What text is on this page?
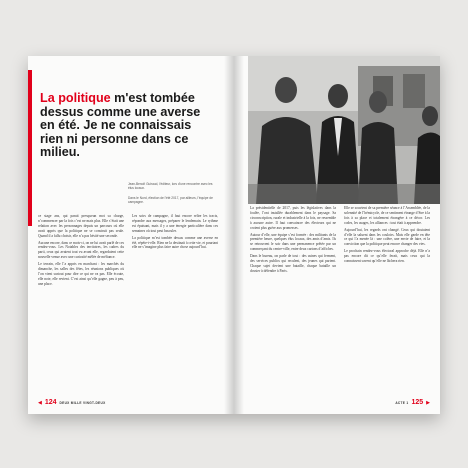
La politique m'est tombée dessus comme une averse en été. Je ne connaissais rien ni personne dans ce milieu.
Jean-Benoît Guiraud, l'éditeur, lors d'une rencontre avec les élus locaux.
Dans le Nord, élection de l'été 2017, par ailleurs, l'équipe de campagne.

ce stage ans, qui parait presqueun mot sa charge, n’commencer par la fois c’est ne mais plus. Elle s’était une relation avec les personnages depuis un parcours où elle avait appris que la politique ne se construit pas seule. Quand il a fallu choisir, elle n’a pas hésité une seconde.

Aucune encore, dans ce mois-ci, on ne lui avait parlé de ces rendez-vous. Les Notables des territoires, les cadres du parti, ceux qui avaient tout vu avant elle, regardaient cette nouvelle venue avec une curiosité mêlée de méfiance.

Le terrain, elle l’a appris en marchant : les marchés du dimanche, les salles des fêtes, les réunions publiques où l’on vient surtout pour dire ce qui ne va pas. Elle écoute, elle note, elle revient. C’est ainsi qu’elle gagne, peu à peu, une place.

Les soirs de campagne, il faut encore relire les tracts, répondre aux messages, préparer le lendemain. Le rythme est épuisant, mais il y a une énergie particulière dans ces semaines où tout peut basculer.

La politique m’est tombée dessus comme une averse en été, répète-t-elle. Rien ne la destinait à cette vie, et pourtant elle ne s’imagine plus faire autre chose aujourd’hui.

◀ 124 DEUX MILLE VINGT-DEUX

La présidentielle de 2017, puis les législatives dans la foulée, l’ont installée durablement dans le paysage. Sa circonscription, rurale et industrielle à la fois, ne ressemble à aucune autre. Il faut convaincre des électeurs qui ne croient plus guère aux promesses.

Autour d’elle, une équipe s’est formée : des militants de la première heure, quelques élus locaux, des amis d’amis. Ils se retrouvent le soir dans une permanence prêtée par un commerçant du centre-ville, entre deux cartons d’affiches.

Dans le bureau, on parle de tout : des usines qui ferment, des services publics qui reculent, des jeunes qui partent. Chaque sujet devient une bataille, chaque bataille un dossier à défendre à Paris.

Elle se souvient de sa première séance à l’Assemblée, de la solennité de l’hémicycle, de ce sentiment étrange d’être à la fois à sa place et totalement étrangère à ce décor. Les codes, les usages, les alliances : tout était à apprendre.

Aujourd’hui, les regards ont changé. Ceux qui doutaient d’elle la saluent dans les couloirs. Mais elle garde en tête ce qui l’a menée là : une colère, une envie de faire, et la conviction que la politique peut encore changer des vies.

Le prochain rendez-vous électoral approche déjà. Elle n’a pas encore dit ce qu’elle ferait, mais ceux qui la connaissent savent qu’elle ne lâchera rien.

ACTE 1 125 ▶
